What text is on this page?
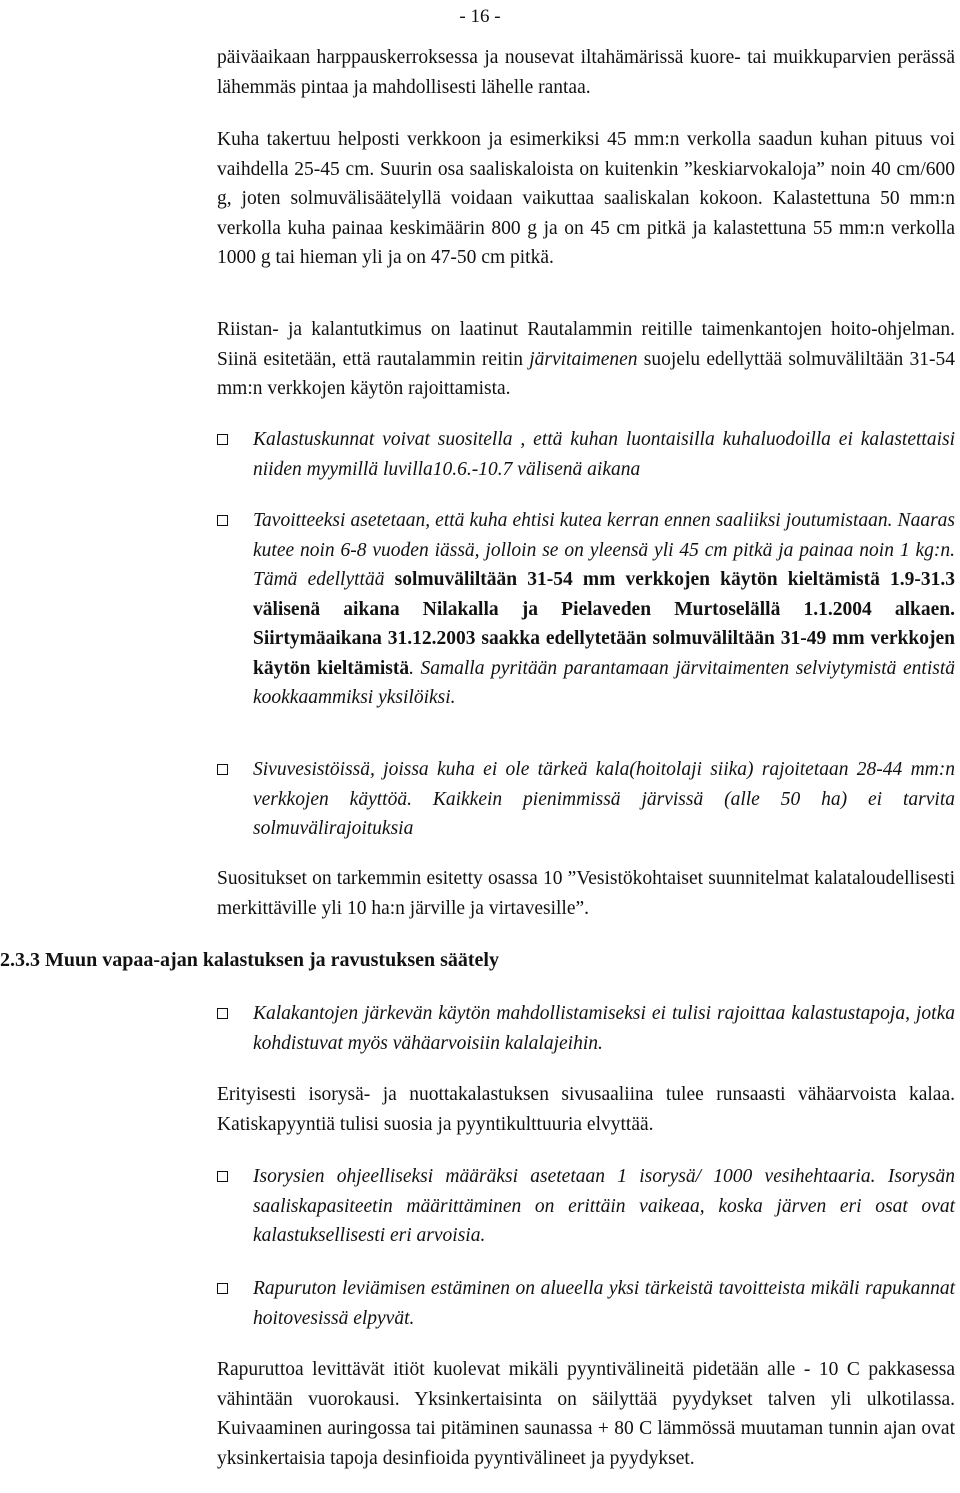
- 16 -
päiväaikaan harppauskerroksessa ja nousevat iltahämärissä kuore- tai muikkuparvien perässä lähemmäs pintaa ja mahdollisesti lähelle rantaa.
Kuha takertuu helposti verkkoon ja esimerkiksi 45 mm:n verkolla saadun kuhan pituus voi vaihdella 25-45 cm. Suurin osa saaliskaloista on kuitenkin ”keskiarvokaloja” noin 40 cm/600 g, joten solmuvälisäätelyllä voidaan vaikuttaa saaliskalan kokoon. Kalastettuna 50 mm:n verkolla kuha painaa keskimäärin 800 g ja on 45 cm pitkä ja kalastettuna 55 mm:n verkolla 1000 g tai hieman yli ja on 47-50 cm pitkä.
Riistan- ja kalantutkimus on laatinut Rautalammin reitille taimenkantojen hoito-ohjelman. Siinä esitetään, että rautalammin reitin järvitaimenen suojelu edellyttää solmuväliltään 31-54 mm:n verkkojen käytön rajoittamista.
Kalastuskunnat voivat suositella , että kuhan luontaisilla kuhaluodoilla ei kalastettaisi niiden myymillä luvilla10.6.-10.7 välisenä aikana
Tavoitteeksi asetetaan, että kuha ehtisi kutea kerran ennen saaliiksi joutumistaan. Naaras kutee noin 6-8 vuoden iässä, jolloin se on yleensä yli 45 cm pitkä ja painaa noin 1 kg:n. Tämä edellyttää solmuväliltään 31-54 mm verkkojen käytön kieltämistä 1.9-31.3 välisenä aikana Nilakalla ja Pielaveden Murtoselällä 1.1.2004 alkaen. Siirtymäaikana 31.12.2003 saakka edellytetään solmuväliltään 31-49 mm verkkojen käytön kieltämistä. Samalla pyritään parantamaan järvitaimenten selviytymistä entistä kookkaammiksi yksilöiksi.
Sivuvesistöissä, joissa kuha ei ole tärkeä kala(hoitolaji siika) rajoitetaan 28-44 mm:n verkkojen käyttöä. Kaikkein pienimmissä järvissä (alle 50 ha) ei tarvita solmuvälirajoituksia
Suositukset on tarkemmin esitetty osassa 10 ”Vesistökohtaiset suunnitelmat kalataloudellisesti merkittäville yli 10 ha:n järville ja virtavesille”.
2.3.3 Muun vapaa-ajan kalastuksen ja ravustuksen säätely
Kalakantojen järkevän käytön mahdollistamiseksi ei tulisi rajoittaa kalastustapoja, jotka kohdistuvat myös vähäarvoisiin kalalajeihin.
Erityisesti isorysä- ja nuottakalastuksen sivusaaliina tulee runsaasti vähäarvoista kalaa. Katiskapyyntiä tulisi suosia ja pyyntikulttuuria elvyttää.
Isorysien ohjeelliseksi määräksi asetetaan 1 isorysä/ 1000 vesihehtaaria. Isorysän saaliskapasiteetin määrittäminen on erittäin vaikeaa, koska järven eri osat ovat kalastuksellisesti eri arvoisia.
Rapuruton leviämisen estäminen on alueella yksi tärkeistä tavoitteista mikäli rapukannat hoitovesissä elpyvät.
Rapuruttoa levittävät itiöt kuolevat mikäli pyyntivälineitä pidetään alle - 10 C pakkasessa vähintään vuorokausi. Yksinkertaisinta on säilyttää pyydykset talven yli ulkotilassa. Kuivaaminen auringossa tai pitäminen saunassa + 80 C lämmössä muutaman tunnin ajan ovat yksinkertaisia tapoja desinfioida pyyntivälineet ja pyydykset.
